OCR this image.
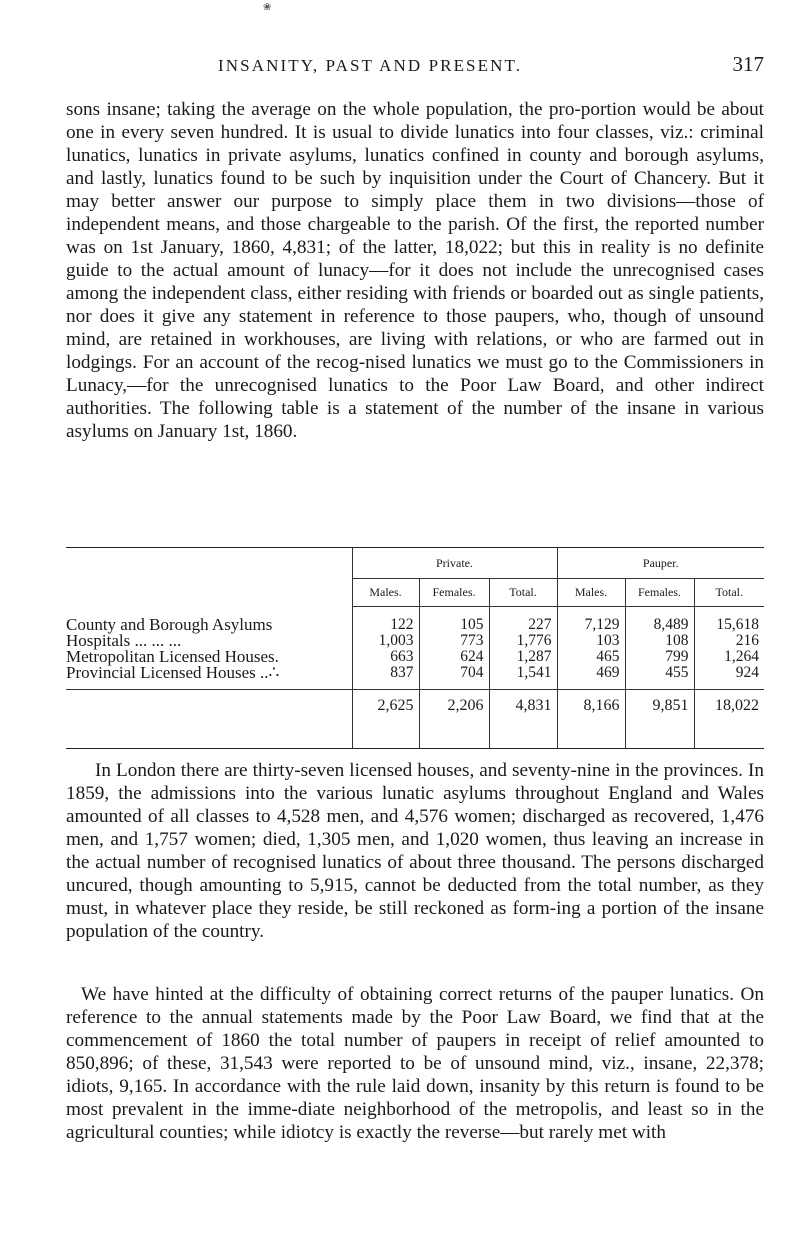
❀
INSANITY, PAST AND PRESENT.	317

sons insane; taking the average on the whole population, the pro-portion would be about one in every seven hundred. It is usual to divide lunatics into four classes, viz.: criminal lunatics, lunatics in private asylums, lunatics confined in county and borough asylums, and lastly, lunatics found to be such by inquisition under the Court of Chancery. But it may better answer our purpose to simply place them in two divisions—those of independent means, and those chargeable to the parish. Of the first, the reported number was on 1st January, 1860, 4,831; of the latter, 18,022; but this in reality is no definite guide to the actual amount of lunacy—for it does not include the unrecognised cases among the independent class, either residing with friends or boarded out as single patients, nor does it give any statement in reference to those paupers, who, though of unsound mind, are retained in workhouses, are living with relations, or who are farmed out in lodgings. For an account of the recog-nised lunatics we must go to the Commissioners in Lunacy,—for the unrecognised lunatics to the Poor Law Board, and other indirect authorities. The following table is a statement of the number of the insane in various asylums on January 1st, 1860.

	Private.			Pauper.		
	Males.	Females.	Total.	Males.	Females.	Total.
County and Borough Asylums	122	105	227	7,129	8,489	15,618
Hospitals ... ... ...	1,003	773	1,776	103	108	216
Metropolitan Licensed Houses.	663	624	1,287	465	799	1,264
Provincial Licensed Houses ..∴	837	704	1,541	469	455	924
	2,625	2,206	4,831	8,166	9,851	18,022

In London there are thirty-seven licensed houses, and seventy-nine in the provinces. In 1859, the admissions into the various lunatic asylums throughout England and Wales amounted of all classes to 4,528 men, and 4,576 women; discharged as recovered, 1,476 men, and 1,757 women; died, 1,305 men, and 1,020 women, thus leaving an increase in the actual number of recognised lunatics of about three thousand. The persons discharged uncured, though amounting to 5,915, cannot be deducted from the total number, as they must, in whatever place they reside, be still reckoned as form-ing a portion of the insane population of the country.

We have hinted at the difficulty of obtaining correct returns of the pauper lunatics. On reference to the annual statements made by the Poor Law Board, we find that at the commencement of 1860 the total number of paupers in receipt of relief amounted to 850,896; of these, 31,543 were reported to be of unsound mind, viz., insane, 22,378; idiots, 9,165. In accordance with the rule laid down, insanity by this return is found to be most prevalent in the imme-diate neighborhood of the metropolis, and least so in the agricultural counties; while idiotcy is exactly the reverse—but rarely met with
